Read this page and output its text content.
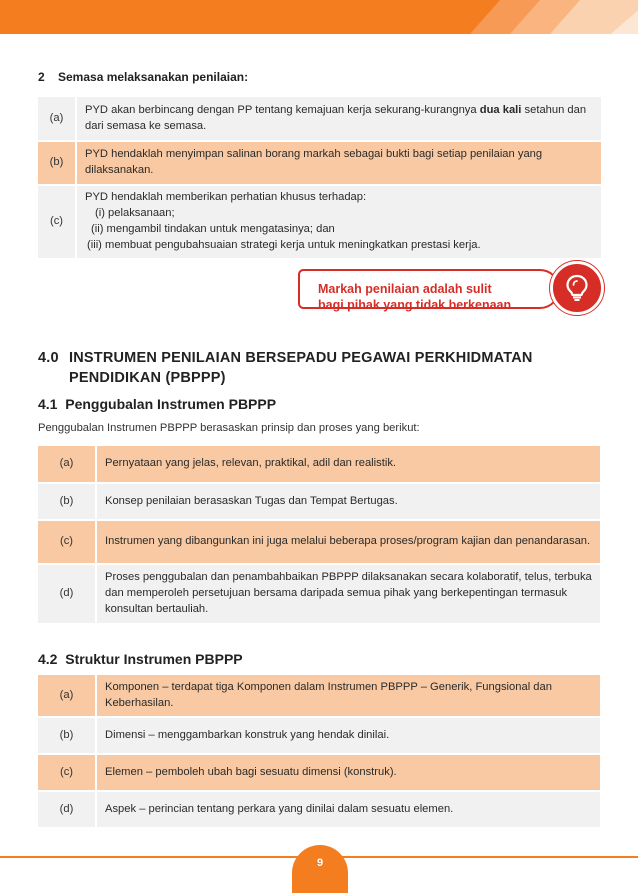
2 Semasa melaksanakan penilaian:
(a)	PYD akan berbincang dengan PP tentang kemajuan kerja sekurang-kurangnya dua kali setahun dan dari semasa ke semasa.
(b)	PYD hendaklah menyimpan salinan borang markah sebagai bukti bagi setiap penilaian yang dilaksanakan.
(c)	PYD hendaklah memberikan perhatian khusus terhadap:
(i) pelaksanaan;
(ii) mengambil tindakan untuk mengatasinya; dan
(iii) membuat pengubahsuaian strategi kerja untuk meningkatkan prestasi kerja.
Markah penilaian adalah sulit
bagi pihak yang tidak berkenaan
4.0 INSTRUMEN PENILAIAN BERSEPADU PEGAWAI PERKHIDMATAN
PENDIDIKAN (PBPPP)
4.1 Penggubalan Instrumen PBPPP
Penggubalan Instrumen PBPPP berasaskan prinsip dan proses yang berikut:
(a)	Pernyataan yang jelas, relevan, praktikal, adil dan realistik.
(b)	Konsep penilaian berasaskan Tugas dan Tempat Bertugas.
(c)	Instrumen yang dibangunkan ini juga melalui beberapa proses/program kajian dan penandarasan.
(d)	Proses penggubalan dan penambahbaikan PBPPP dilaksanakan secara kolaboratif, telus, terbuka dan memperoleh persetujuan bersama daripada semua pihak yang berkepentingan termasuk konsultan bertauliah.
4.2 Struktur Instrumen PBPPP
(a)	Komponen – terdapat tiga Komponen dalam Instrumen PBPPP – Generik, Fungsional dan Keberhasilan.
(b)	Dimensi – menggambarkan konstruk yang hendak dinilai.
(c)	Elemen – pemboleh ubah bagi sesuatu dimensi (konstruk).
(d)	Aspek – perincian tentang perkara yang dinilai dalam sesuatu elemen.
9
